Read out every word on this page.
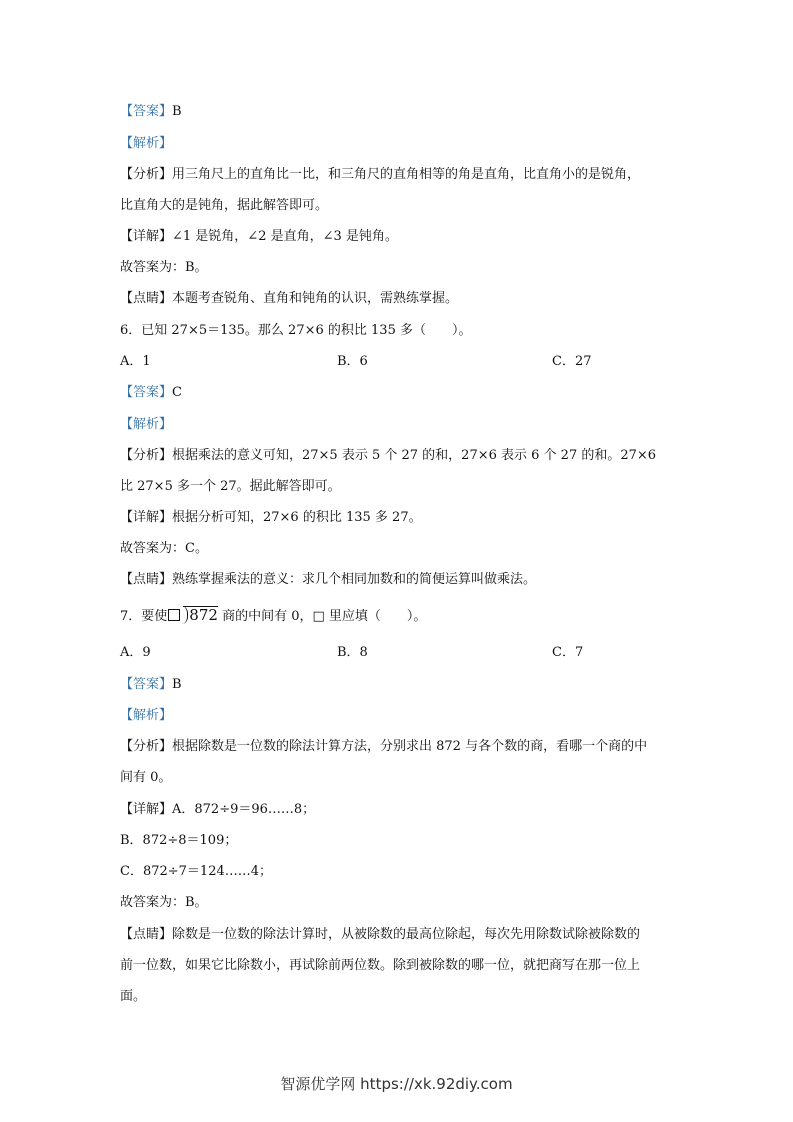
【答案】B
【解析】
【分析】用三角尺上的直角比一比，和三角尺的直角相等的角是直角，比直角小的是锐角，
比直角大的是钝角，据此解答即可。
【详解】∠1 是锐角，∠2 是直角，∠3 是钝角。
故答案为：B。
【点睛】本题考查锐角、直角和钝角的认识，需熟练掌握。
6．已知 27×5＝135。那么 27×6 的积比 135 多（　　）。
A．1	B．6	C．27
【答案】C
【解析】
【分析】根据乘法的意义可知，27×5 表示 5 个 27 的和，27×6 表示 6 个 27 的和。27×6
比 27×5 多一个 27。据此解答即可。
【详解】根据分析可知，27×6 的积比 135 多 27。
故答案为：C。
【点睛】熟练掌握乘法的意义：求几个相同加数和的简便运算叫做乘法。
7．要使 872 商的中间有 0，□ 里应填（　　）。
A．9	B．8	C．7
【答案】B
【解析】
【分析】根据除数是一位数的除法计算方法，分别求出 872 与各个数的商，看哪一个商的中
间有 0。
【详解】A．872÷9＝96……8；
B．872÷8＝109；
C．872÷7＝124……4；
故答案为：B。
【点睛】除数是一位数的除法计算时，从被除数的最高位除起，每次先用除数试除被除数的
前一位数，如果它比除数小，再试除前两位数。除到被除数的哪一位，就把商写在那一位上
面。
智源优学网 https://xk.92diy.com
